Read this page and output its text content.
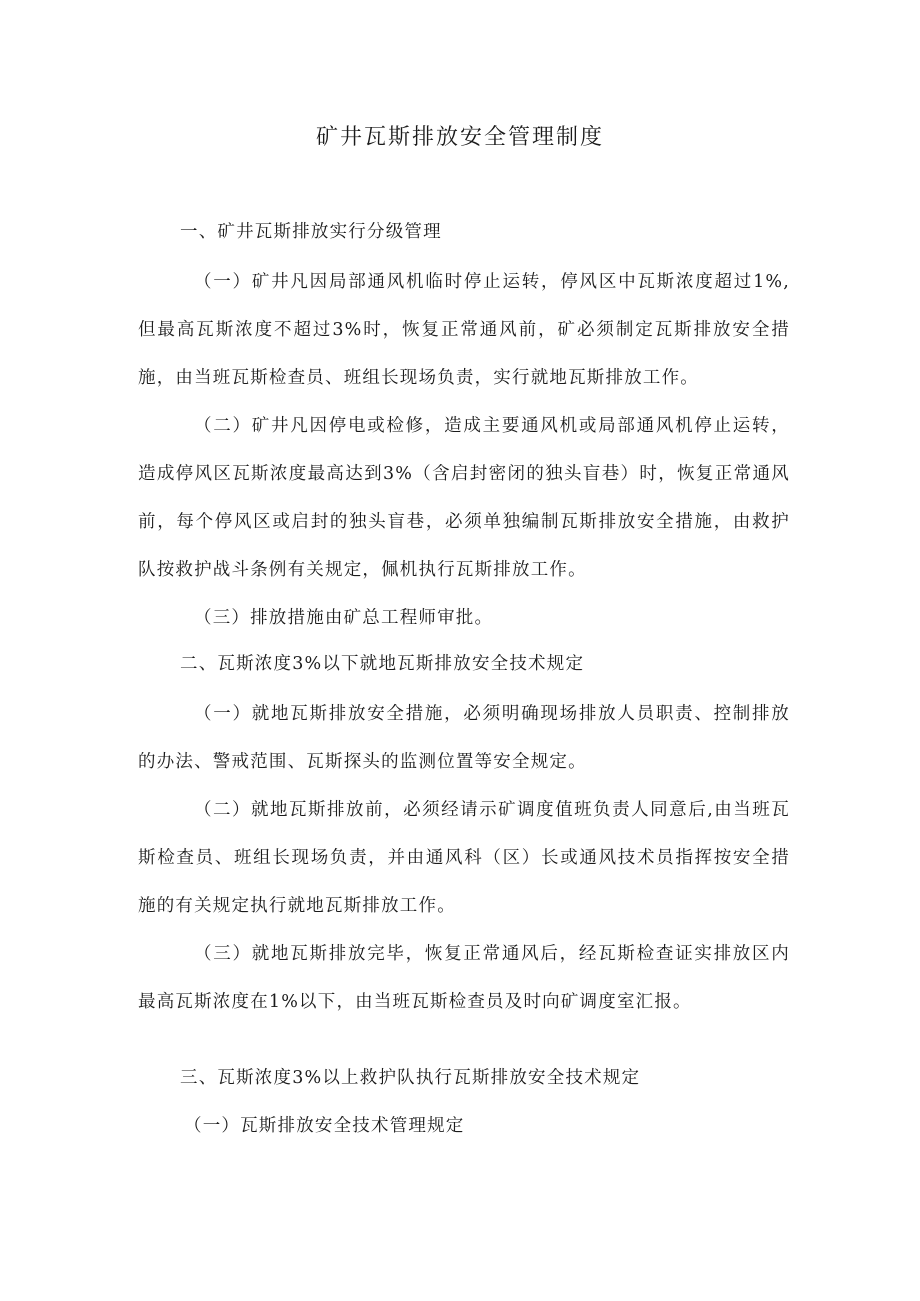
矿井瓦斯排放安全管理制度
一、矿井瓦斯排放实行分级管理

（一）矿井凡因局部通风机临时停止运转，停风区中瓦斯浓度超过1%,但最高瓦斯浓度不超过3%时，恢复正常通风前，矿必须制定瓦斯排放安全措施，由当班瓦斯检查员、班组长现场负责，实行就地瓦斯排放工作。

（二）矿井凡因停电或检修，造成主要通风机或局部通风机停止运转，造成停风区瓦斯浓度最高达到3%（含启封密闭的独头盲巷）时，恢复正常通风前，每个停风区或启封的独头盲巷，必须单独编制瓦斯排放安全措施，由救护队按救护战斗条例有关规定，佩机执行瓦斯排放工作。

（三）排放措施由矿总工程师审批。

二、瓦斯浓度3%以下就地瓦斯排放安全技术规定

（一）就地瓦斯排放安全措施，必须明确现场排放人员职责、控制排放的办法、警戒范围、瓦斯探头的监测位置等安全规定。

（二）就地瓦斯排放前，必须经请示矿调度值班负责人同意后,由当班瓦斯检查员、班组长现场负责，并由通风科（区）长或通风技术员指挥按安全措施的有关规定执行就地瓦斯排放工作。

（三）就地瓦斯排放完毕，恢复正常通风后，经瓦斯检查证实排放区内最高瓦斯浓度在1%以下，由当班瓦斯检查员及时向矿调度室汇报。

三、瓦斯浓度3%以上救护队执行瓦斯排放安全技术规定
（一）瓦斯排放安全技术管理规定
